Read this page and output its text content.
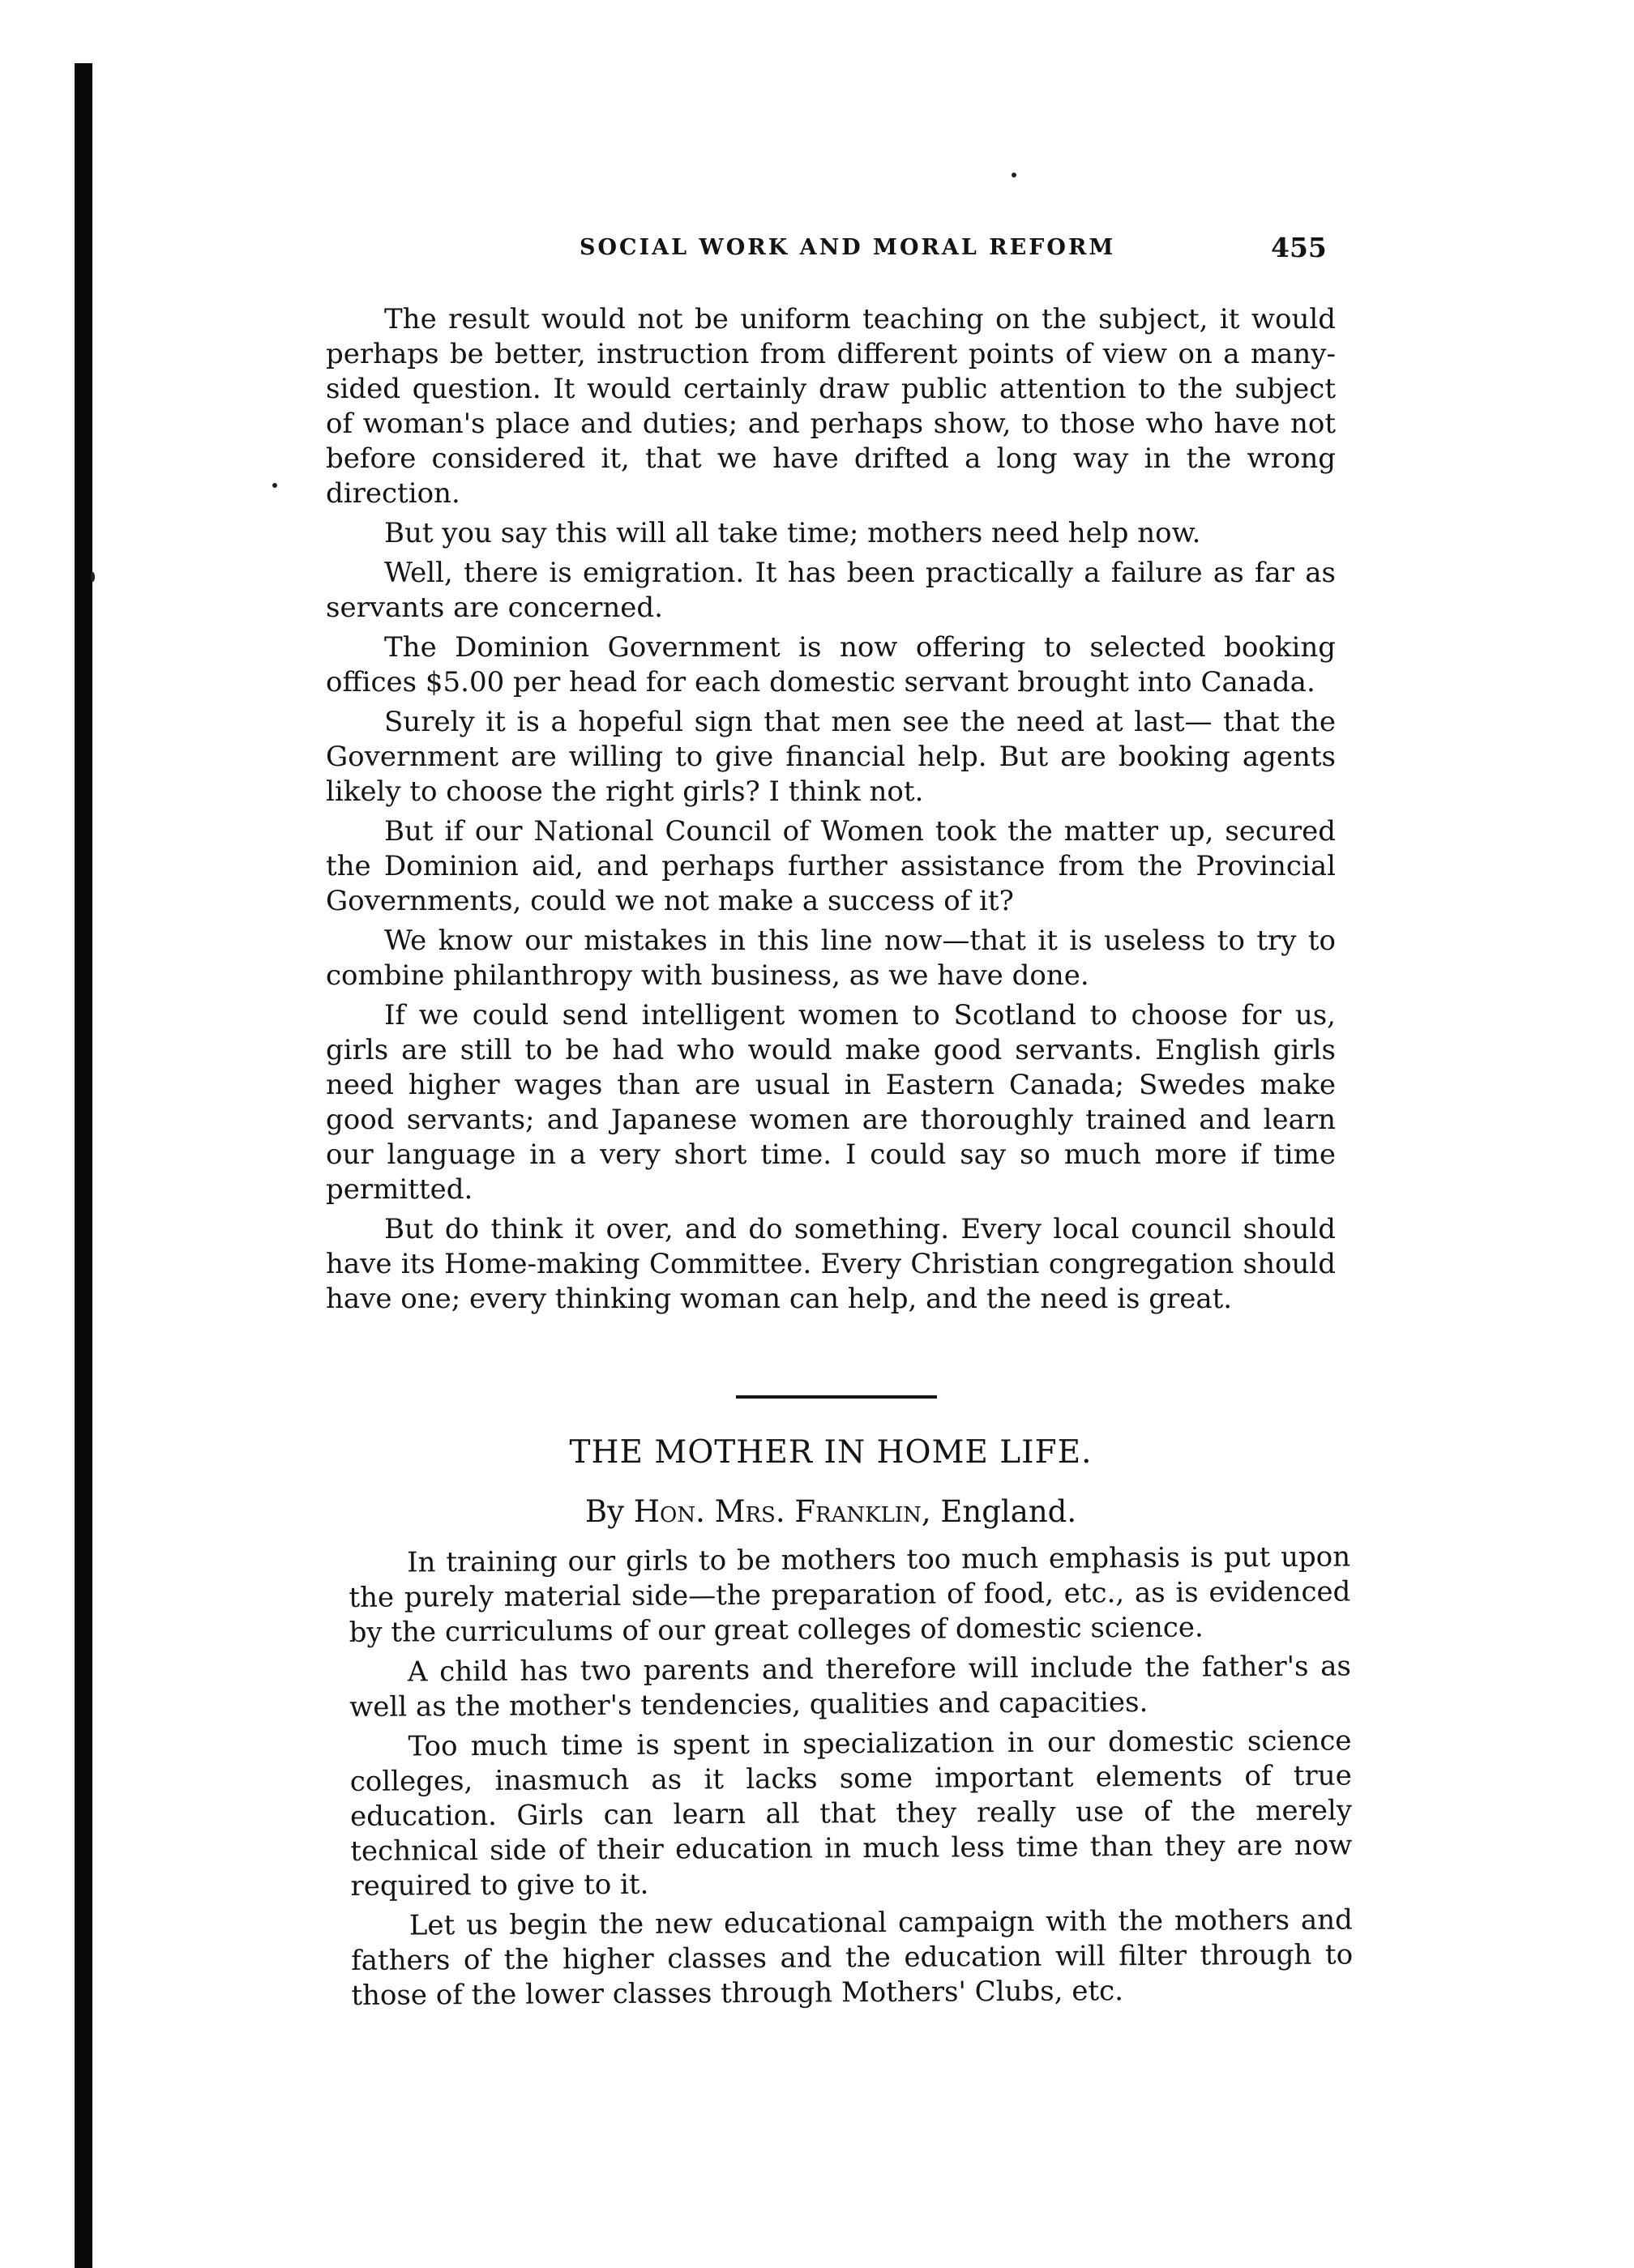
SOCIAL WORK AND MORAL REFORM	455

The result would not be uniform teaching on the subject, it would perhaps be better, instruction from different points of view on a many-sided question. It would certainly draw public attention to the subject of woman's place and duties; and perhaps show, to those who have not before considered it, that we have drifted a long way in the wrong direction.

But you say this will all take time; mothers need help now.

Well, there is emigration. It has been practically a failure as far as servants are concerned.

The Dominion Government is now offering to selected booking offices $5.00 per head for each domestic servant brought into Canada.

Surely it is a hopeful sign that men see the need at last— that the Government are willing to give financial help. But are booking agents likely to choose the right girls? I think not.

But if our National Council of Women took the matter up, secured the Dominion aid, and perhaps further assistance from the Provincial Governments, could we not make a success of it?

We know our mistakes in this line now—that it is useless to try to combine philanthropy with business, as we have done.

If we could send intelligent women to Scotland to choose for us, girls are still to be had who would make good servants. English girls need higher wages than are usual in Eastern Canada; Swedes make good servants; and Japanese women are thoroughly trained and learn our language in a very short time. I could say so much more if time permitted.

But do think it over, and do something. Every local council should have its Home-making Committee. Every Christian congregation should have one; every thinking woman can help, and the need is great.

THE MOTHER IN HOME LIFE.
By Hon. Mrs. Franklin, England.

In training our girls to be mothers too much emphasis is put upon the purely material side—the preparation of food, etc., as is evidenced by the curriculums of our great colleges of domestic science.

A child has two parents and therefore will include the father's as well as the mother's tendencies, qualities and capacities.

Too much time is spent in specialization in our domestic science colleges, inasmuch as it lacks some important elements of true education. Girls can learn all that they really use of the merely technical side of their education in much less time than they are now required to give to it.

Let us begin the new educational campaign with the mothers and fathers of the higher classes and the education will filter through to those of the lower classes through Mothers' Clubs, etc.
